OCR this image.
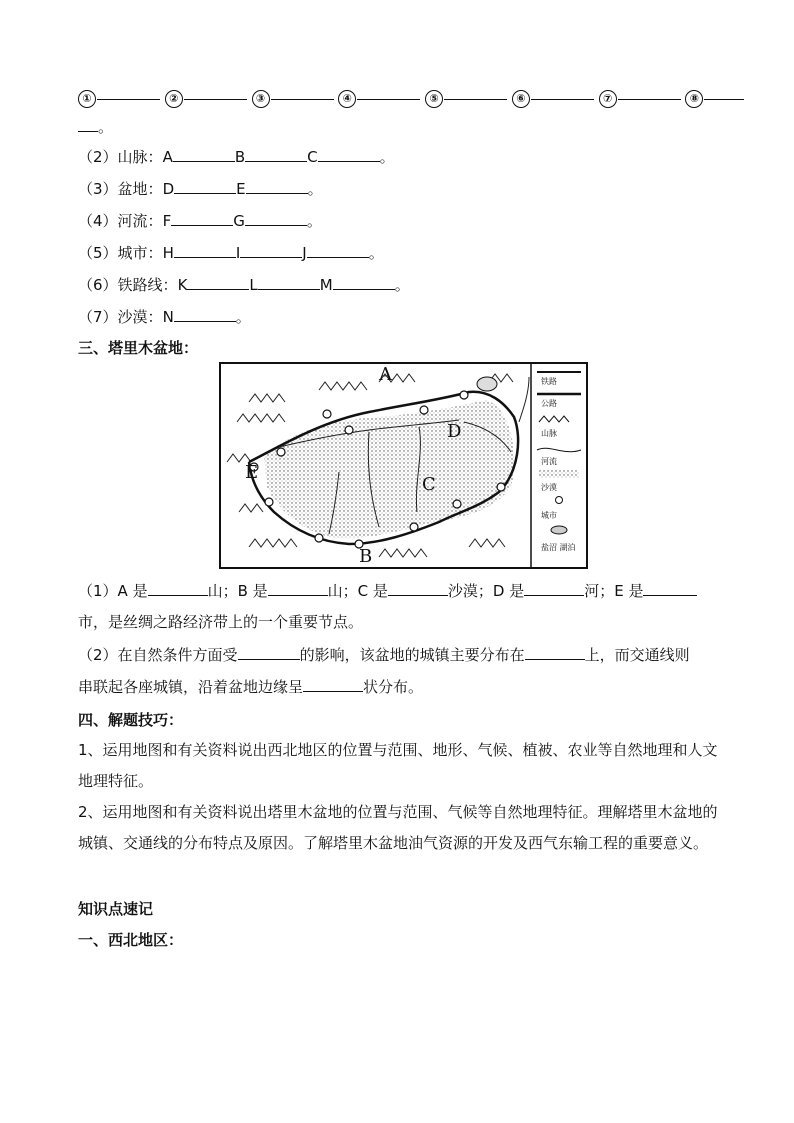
①	②	③	④	⑤	⑥	⑦	⑧
。
（2）山脉：A	B	C	。
（3）盆地：D	E	。
（4）河流：F	G	。
（5）城市：H	I	J	。
（6）铁路线：K	L	M	。
（7）沙漠：N	。
三、塔里木盆地：
A
B
C
D
E
铁路
公路
山脉
河流
沙漠
城市
盐沼 湖泊
（1）A 是	山；B 是	山；C 是	沙漠；D 是	河；E 是
市，是丝绸之路经济带上的一个重要节点。
（2）在自然条件方面受	的影响，该盆地的城镇主要分布在	上，而交通线则
串联起各座城镇，沿着盆地边缘呈	状分布。
四、解题技巧：
1、运用地图和有关资料说出西北地区的位置与范围、地形、气候、植被、农业等自然地理和人文地理特征。
2、运用地图和有关资料说出塔里木盆地的位置与范围、气候等自然地理特征。理解塔里木盆地的城镇、交通线的分布特点及原因。了解塔里木盆地油气资源的开发及西气东输工程的重要意义。
知识点速记
一、西北地区：
